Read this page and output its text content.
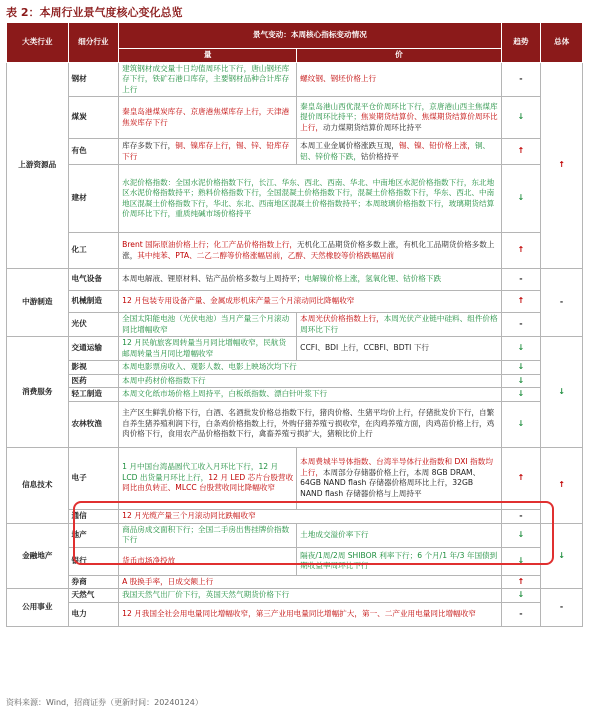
表 2：本周行业景气度核心变化总览
大类行业	细分行业	景气变动：本周核心指标变动情况		趋势	总体
		量	价		
上游资源品	钢材	建筑钢材成交量十日均值周环比下行，唐山钢坯库存下行，铁矿石港口库存，主要钢材品种合计库存上行	螺纹钢、钢坯价格上行	-	↑
	煤炭	秦皇岛港煤炭库存、京唐港焦煤库存上行，天津港焦炭库存下行	秦皇岛港山西优混平仓价周环比下行，京唐港山西主焦煤库提价周环比持平；焦炭期货结算价、焦煤期货结算价周环比上行，动力煤期货结算价周环比持平	↓	
	有色	库存多数下行，铜、镍库存上行，锡、锌、铅库存下行	本周工业金属价格涨跌互现，锡、镍、铅价格上涨，铜、铝、锌价格下跌，钴价格持平	↑	
	建材	水泥价格指数：全国水泥价格指数下行，长江、华东、西北、西南、华北、中南地区水泥价格指数下行，东北地区水泥价格指数持平；熟料价格指数下行，全国混凝土价格指数下行，混凝土价格指数下行，华东、西北、中南地区混凝土价格指数下行，华北、东北、西南地区混凝土价格指数持平；本周玻璃价格指数下行，玻璃期货结算价周环比下行，重质纯碱市场价格持平		↓	
	化工	Brent 国际原油价格上行；化工产品价格指数上行，无机化工品期货价格多数上涨，有机化工品期货价格多数上涨，其中纯苯、PTA、二乙二醇等价格涨幅居前，乙醇、天然橡胶等价格跌幅居前		↑	
中游制造	电气设备	本周电解液、锂原材料、钴产品价格多数与上周持平；电解镍价格上涨，氢氧化锂、钴价格下跌		-	-
	机械制造	12 月包装专用设备产量、金属成形机床产量三个月滚动同比降幅收窄		↑	
	光伏	全国太阳能电池（光伏电池）当月产量三个月滚动同比增幅收窄	本周光伏价格指数上行，本周光伏产业链中硅料、组件价格周环比下行	-	
消费服务	交通运输	12 月民航旅客周转量当月同比增幅收窄，民航货邮周转量当月同比增幅收窄	CCFI、BDI 上行，CCBFI、BDTI 下行	↓	↓
	影视	本周电影票房收入、观影人数、电影上映场次均下行		↓	
	医药	本周中药材价格指数下行		↓	
	轻工制造	本周文化纸市场价格上周持平，白板纸指数、漂白针叶浆下行		↓	
	农林牧渔	主产区生鲜乳价格下行，白酒、名酒批发价格总指数下行，猪肉价格、生猪平均价上行，仔猪批发价下行，自繁自养生猪养殖利润下行，白条鸡价格指数上行，外购仔猪养殖亏损收窄，在肉鸡养殖方面，肉鸡苗价格上行，鸡肉价格下行，食用农产品价格指数下行，禽畜养殖亏损扩大，猪粮比价上行		↓	
信息技术	电子	1 月中国台湾晶圆代工收入月环比下行，12 月 LCD 出货量月环比上行，12 月 LED 芯片台股营收同比由负转正、MLCC 台股营收同比降幅收窄	本周费城半导体指数、台湾半导体行业指数和 DXI 指数均上行，本周部分存储器价格上行，本周 8GB DRAM、64GB NAND flash 存储器价格周环比上行，32GB NAND flash 存储器价格与上周持平	↑	↑
	通信	12 月光缆产量三个月滚动同比跌幅收窄		-	
金融地产	地产	商品房成交面积下行；全国二手房出售挂牌价指数下行	土地成交溢价率下行	↓	↓
	银行	货币市场净投放	隔夜/1周/2周 SHIBOR 利率下行；6 个月/1 年/3 年国债到期收益率周环比下行	↓	
	券商	A 股换手率，日成交额上行		↑	
公用事业	天然气	我国天然气出厂价下行，英国天然气期货价格下行		↓	-
	电力	12 月我国全社会用电量同比增幅收窄，第三产业用电量同比增幅扩大，第一、二产业用电量同比增幅收窄		-	
资料来源：Wind，招商证券（更新时间：20240124）
